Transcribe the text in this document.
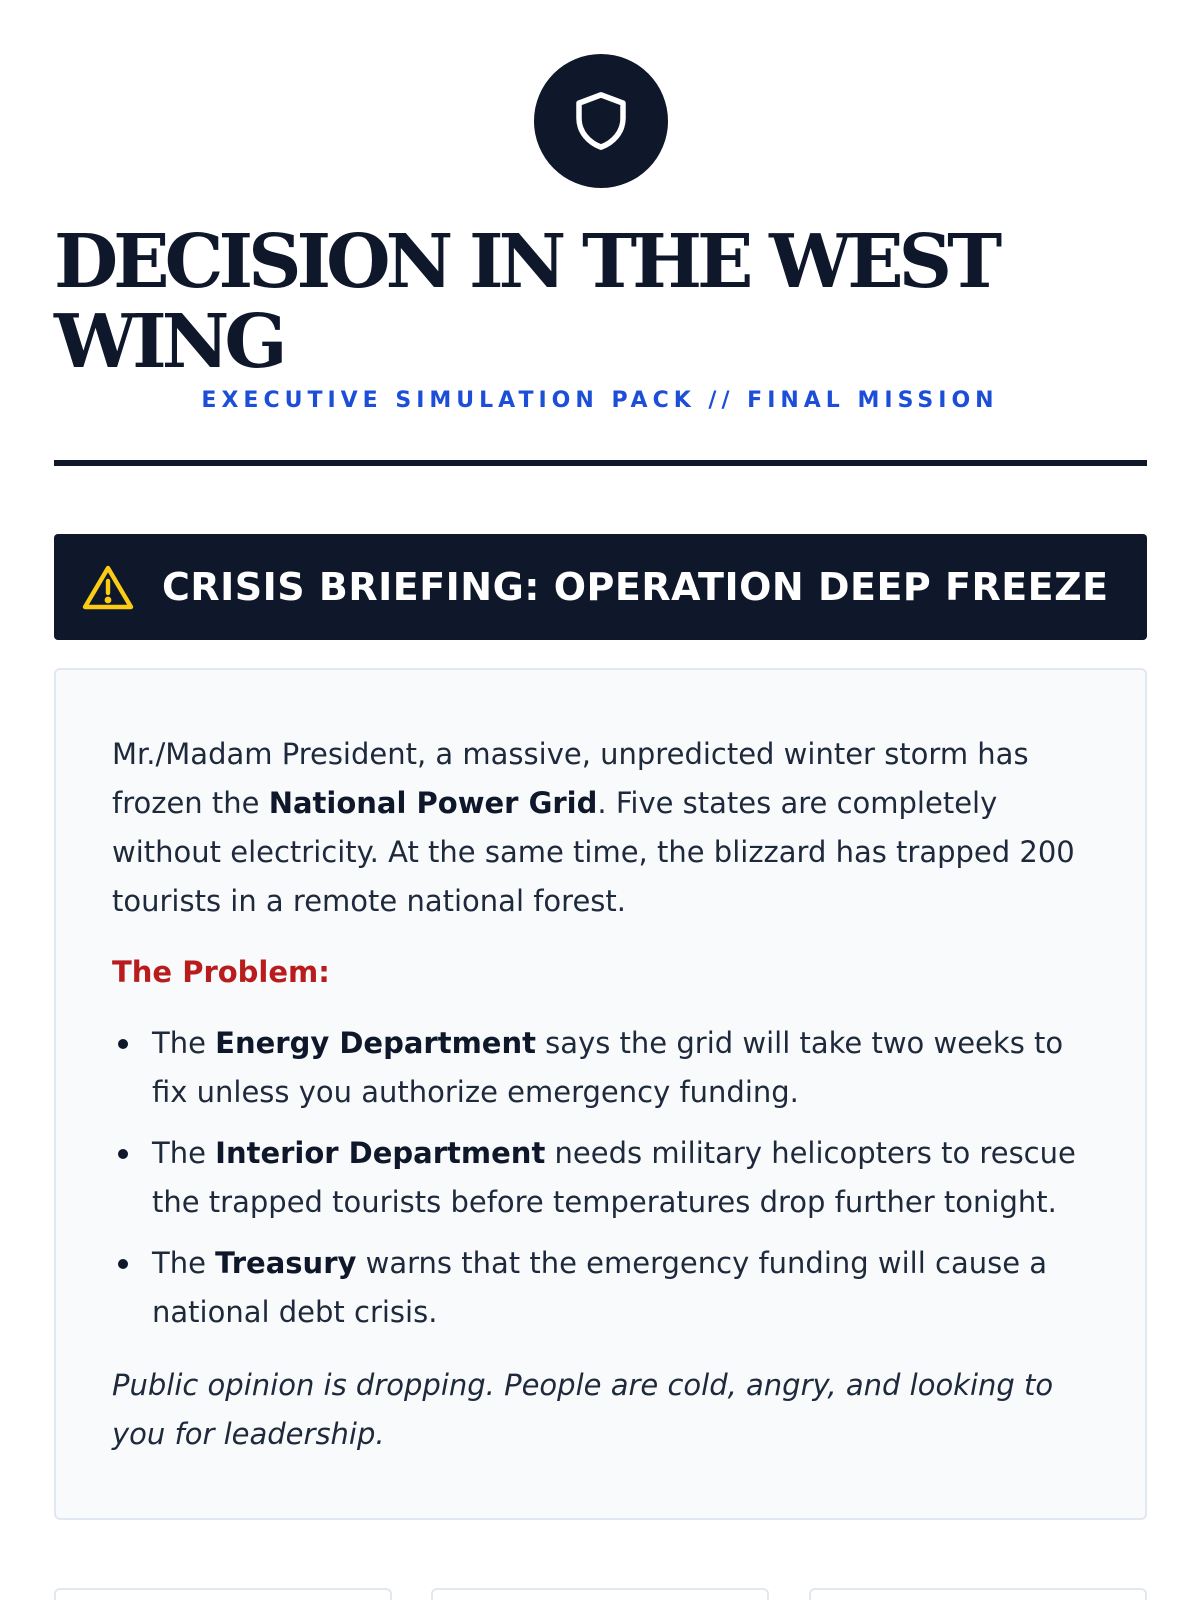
DECISION IN THE WEST WING
EXECUTIVE SIMULATION PACK // FINAL MISSION
CRISIS BRIEFING: OPERATION DEEP FREEZE

Mr./Madam President, a massive, unpredicted winter storm has frozen the National Power Grid. Five states are completely without electricity. At the same time, the blizzard has trapped 200 tourists in a remote national forest.

The Problem:

The Energy Department says the grid will take two weeks to fix unless you authorize emergency funding.
The Interior Department needs military helicopters to rescue the trapped tourists before temperatures drop further tonight.
The Treasury warns that the emergency funding will cause a national debt crisis.

Public opinion is dropping. People are cold, angry, and looking to you for leadership.
